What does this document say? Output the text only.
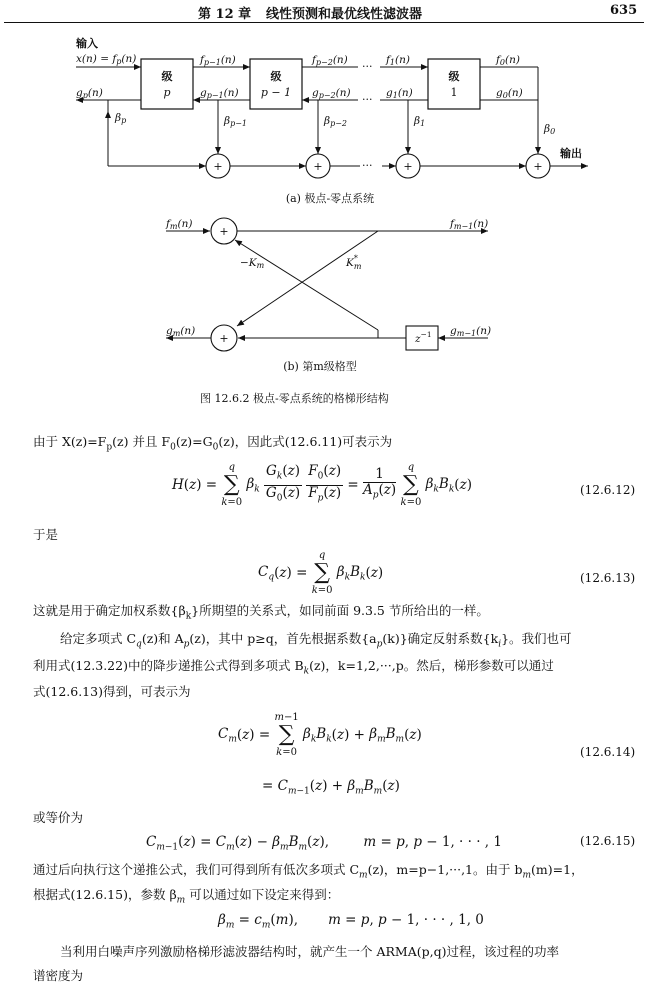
第 12 章 线性预测和最优线性滤波器	635
输入
x(n) = fp(n)
gp(n)
级
p
fp−1(n)
gp−1(n)
级
p − 1
fp−2(n)
gp−2(n)
···
···
f1(n)
g1(n)
级
1
f0(n)
g0(n)
βp	βp−1
+
βp−2
+	···
β1
+
β0
+
输出
(a) 极点-零点系统
fm(n)
+
fm−1(n)
−Km	K* m
gm(n)
+	$z^{-1}$ gm−1(n)
(b) 第m级格型
图 12.6.2 极点-零点系统的格梯形结构
由于 $X(z)=F_p(z)$ 并且 $F_0(z)=G_0(z)$，因此式(12.6.11)可表示为
H(z) = q
∑
k=0 $\beta_k \frac{G_k(z)}{G_0(z)}$
$\frac{F_0(z)}{F_p(z)} = \frac{1}{A_p(z)}$ q
∑
k=0 $\beta_kB_k(z)$	(12.6.12)
于是
$C_q(z) = q$
∑
k=0 $\beta_kB_k(z)$	(12.6.13)
这就是用于确定加权系数$\{\beta_k\}$所期望的关系式，如同前面 9.3.5 节所给出的一样。
给定多项式 $C_q(z)$和 $A_p(z)$，其中 p≥q，首先根据系数$\{a_p(k)\}$确定反射系数$\{k_i\}$。我们也可
利用式(12.3.22)中的降步递推公式得到多项式 $B_k(z)$，k=1,2,···,p。然后，梯形参数可以通过
式(12.6.13)得到，可表示为
$C_m(z) = m-1$
∑
k=0 $\beta_kB_k(z) + \beta_mB_m(z)$
(12.6.14)
= $C_{m-1}(z) + \beta_mB_m(z)$
或等价为
$C_{m-1}(z) = C_m(z) - \beta_mB_m(z)$,        m = p, p − 1, · · · , 1	(12.6.15)
通过后向执行这个递推公式，我们可得到所有低次多项式 $C_m(z)$，m=p−1,···,1。由于 $b_m(m)=1$，
根据式(12.6.15)，参数 $\beta_m$ 可以通过如下设定来得到：
$\beta_m = c_m(m)$,       m = p, p − 1, · · · , 1, 0
当利用白噪声序列激励格梯形滤波器结构时，就产生一个 ARMA(p,q)过程，该过程的功率
谱密度为
